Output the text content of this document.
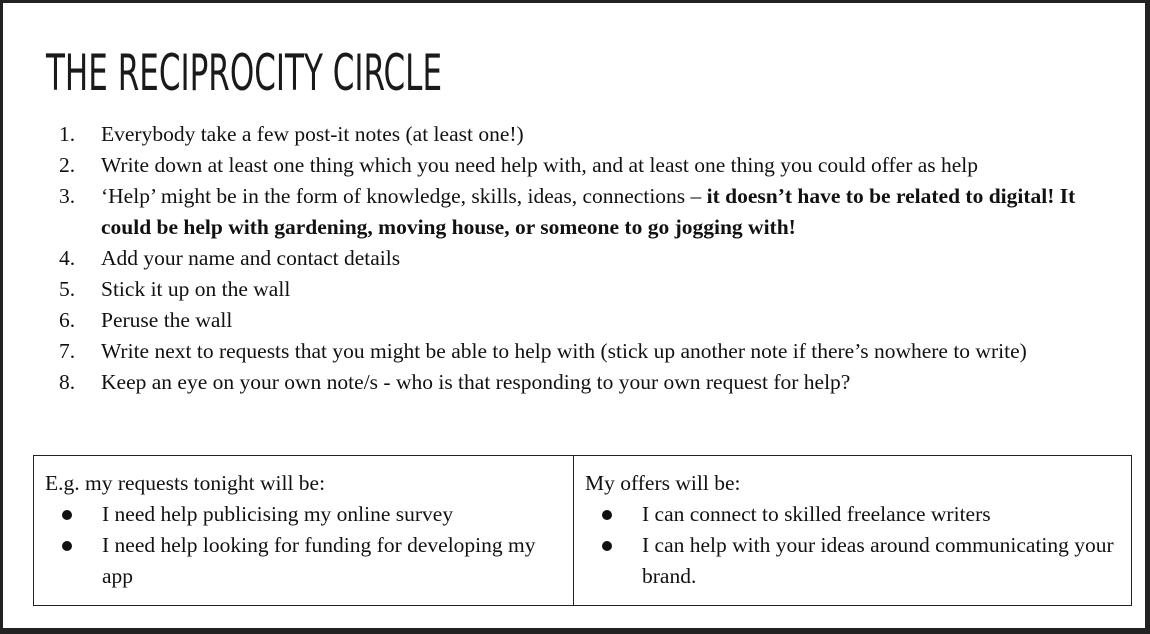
THE RECIPROCITY CIRCLE
1. Everybody take a few post-it notes (at least one!)
2. Write down at least one thing which you need help with, and at least one thing you could offer as help
3. ‘Help’ might be in the form of knowledge, skills, ideas, connections – it doesn’t have to be related to digital! It could be help with gardening, moving house, or someone to go jogging with!
4. Add your name and contact details
5. Stick it up on the wall
6. Peruse the wall
7. Write next to requests that you might be able to help with (stick up another note if there’s nowhere to write)
8. Keep an eye on your own note/s - who is that responding to your own request for help?
E.g. my requests tonight will be:
I need help publicising my online survey
I need help looking for funding for developing my app
My offers will be:
I can connect to skilled freelance writers
I can help with your ideas around communicating your brand.
